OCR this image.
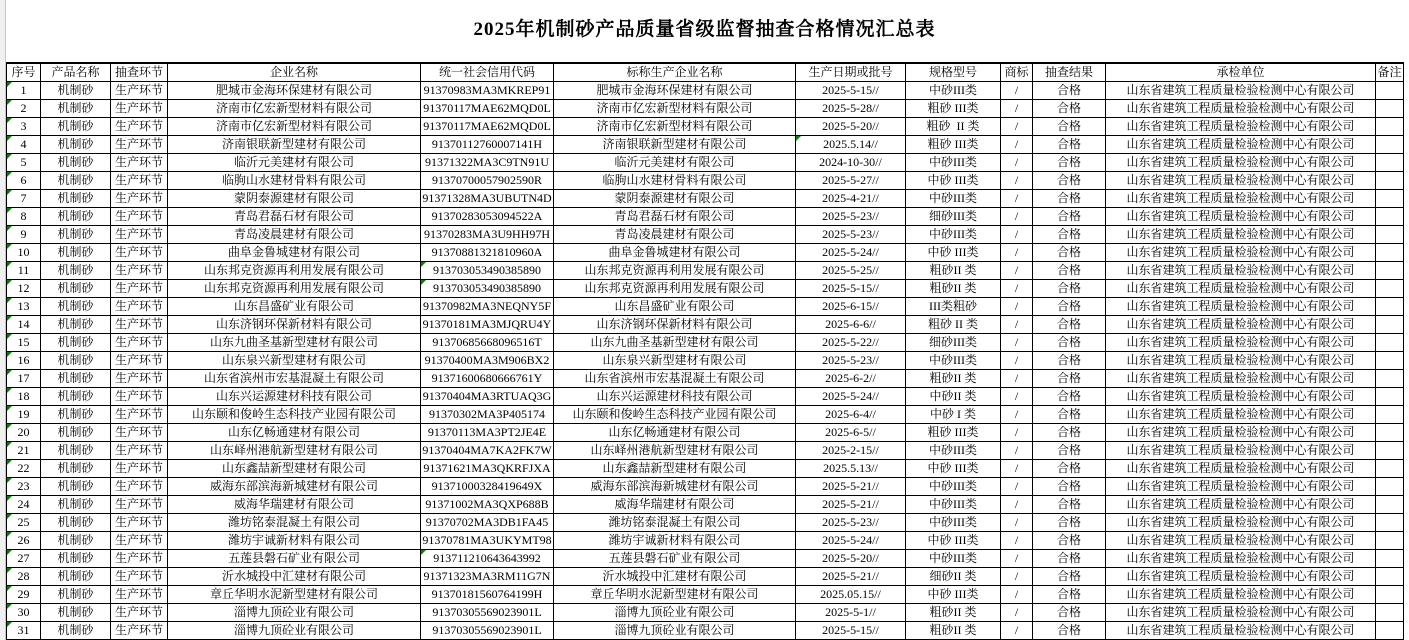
2025年机制砂产品质量省级监督抽查合格情况汇总表
序号	产品名称	抽查环节	企业名称	统一社会信用代码	标称生产企业名称	生产日期或批号	规格型号	商标	抽查结果	承检单位	备注

1	机制砂	生产环节	肥城市金海环保建材有限公司	91370983MA3MKREP91	肥城市金海环保建材有限公司	2025-5-15//	中砂III类	/	合格	山东省建筑工程质量检验检测中心有限公司	

2	机制砂	生产环节	济南市亿宏新型材料有限公司	91370117MAE62MQD0L	济南市亿宏新型材料有限公司	2025-5-28//	粗砂 III类	/	合格	山东省建筑工程质量检验检测中心有限公司	

3	机制砂	生产环节	济南市亿宏新型材料有限公司	91370117MAE62MQD0L	济南市亿宏新型材料有限公司	2025-5-20//	粗砂  II 类	/	合格	山东省建筑工程质量检验检测中心有限公司	

4	机制砂	生产环节	济南银联新型建材有限公司	91370112760007141H	济南银联新型建材有限公司	2025.5.14//	粗砂 III类	/	合格	山东省建筑工程质量检验检测中心有限公司	

5	机制砂	生产环节	临沂元美建材有限公司	91371322MA3C9TN91U	临沂元美建材有限公司	2024-10-30//	中砂III类	/	合格	山东省建筑工程质量检验检测中心有限公司	

6	机制砂	生产环节	临朐山水建材骨料有限公司	91370700057902590R	临朐山水建材骨料有限公司	2025-5-27//	中砂 III类	/	合格	山东省建筑工程质量检验检测中心有限公司	

7	机制砂	生产环节	蒙阴泰源建材有限公司	91371328MA3UBUTN4D	蒙阴泰源建材有限公司	2025-4-21//	中砂III类	/	合格	山东省建筑工程质量检验检测中心有限公司	

8	机制砂	生产环节	青岛君磊石材有限公司	91370283053094522A	青岛君磊石材有限公司	2025-5-23//	细砂III类	/	合格	山东省建筑工程质量检验检测中心有限公司	

9	机制砂	生产环节	青岛凌晨建材有限公司	91370283MA3U9HH97H	青岛凌晨建材有限公司	2025-5-23//	中砂III类	/	合格	山东省建筑工程质量检验检测中心有限公司	

10	机制砂	生产环节	曲阜金鲁城建材有限公司	91370881321810960A	曲阜金鲁城建材有限公司	2025-5-24//	中砂 III类	/	合格	山东省建筑工程质量检验检测中心有限公司	

11	机制砂	生产环节	山东邦克资源再利用发展有限公司	913703053490385890	山东邦克资源再利用发展有限公司	2025-5-25//	粗砂II 类	/	合格	山东省建筑工程质量检验检测中心有限公司	

12	机制砂	生产环节	山东邦克资源再利用发展有限公司	913703053490385890	山东邦克资源再利用发展有限公司	2025-5-15//	粗砂II 类	/	合格	山东省建筑工程质量检验检测中心有限公司	

13	机制砂	生产环节	山东昌盛矿业有限公司	91370982MA3NEQNY5F	山东昌盛矿业有限公司	2025-6-15//	III类粗砂	/	合格	山东省建筑工程质量检验检测中心有限公司	

14	机制砂	生产环节	山东济钢环保新材料有限公司	91370181MA3MJQRU4Y	山东济钢环保新材料有限公司	2025-6-6//	粗砂 II 类	/	合格	山东省建筑工程质量检验检测中心有限公司	

15	机制砂	生产环节	山东九曲圣基新型建材有限公司	91370685668096516T	山东九曲圣基新型建材有限公司	2025-5-22//	细砂III类	/	合格	山东省建筑工程质量检验检测中心有限公司	

16	机制砂	生产环节	山东泉兴新型建材有限公司	91370400MA3M906BX2	山东泉兴新型建材有限公司	2025-5-23//	中砂III类	/	合格	山东省建筑工程质量检验检测中心有限公司	

17	机制砂	生产环节	山东省滨州市宏基混凝土有限公司	91371600680666761Y	山东省滨州市宏基混凝土有限公司	2025-6-2//	粗砂II 类	/	合格	山东省建筑工程质量检验检测中心有限公司	

18	机制砂	生产环节	山东兴运源建材科技有限公司	91370404MA3RTUAQ3G	山东兴运源建材科技有限公司	2025-5-24//	中砂II 类	/	合格	山东省建筑工程质量检验检测中心有限公司	

19	机制砂	生产环节	山东颐和俊岭生态科技产业园有限公司	91370302MA3P405174	山东颐和俊岭生态科技产业园有限公司	2025-6-4//	中砂 I 类	/	合格	山东省建筑工程质量检验检测中心有限公司	

20	机制砂	生产环节	山东亿畅通建材有限公司	91370113MA3PT2JE4E	山东亿畅通建材有限公司	2025-6-5//	粗砂 III类	/	合格	山东省建筑工程质量检验检测中心有限公司	

21	机制砂	生产环节	山东峄州港航新型建材有限公司	91370404MA7KA2FK7W	山东峄州港航新型建材有限公司	2025-2-15//	中砂III类	/	合格	山东省建筑工程质量检验检测中心有限公司	

22	机制砂	生产环节	山东鑫喆新型建材有限公司	91371621MA3QKRFJXA	山东鑫喆新型建材有限公司	2025.5.13//	中砂 III类	/	合格	山东省建筑工程质量检验检测中心有限公司	

23	机制砂	生产环节	威海东部滨海新城建材有限公司	91371000328419649X	威海东部滨海新城建材有限公司	2025-5-21//	中砂III类	/	合格	山东省建筑工程质量检验检测中心有限公司	

24	机制砂	生产环节	威海华瑞建材有限公司	91371002MA3QXP688B	威海华瑞建材有限公司	2025-5-21//	中砂III类	/	合格	山东省建筑工程质量检验检测中心有限公司	

25	机制砂	生产环节	潍坊铭泰混凝土有限公司	91370702MA3DB1FA45	潍坊铭泰混凝土有限公司	2025-5-23//	中砂III类	/	合格	山东省建筑工程质量检验检测中心有限公司	

26	机制砂	生产环节	潍坊宇诚新材料有限公司	91370781MA3UKYMT98	潍坊宇诚新材料有限公司	2025-5-24//	中砂 III类	/	合格	山东省建筑工程质量检验检测中心有限公司	

27	机制砂	生产环节	五莲县磐石矿业有限公司	913711210643643992	五莲县磐石矿业有限公司	2025-5-20//	中砂III类	/	合格	山东省建筑工程质量检验检测中心有限公司	

28	机制砂	生产环节	沂水城投中汇建材有限公司	91371323MA3RM11G7N	沂水城投中汇建材有限公司	2025-5-21//	细砂II 类	/	合格	山东省建筑工程质量检验检测中心有限公司	

29	机制砂	生产环节	章丘华明水泥新型建材有限公司	91370181560764199H	章丘华明水泥新型建材有限公司	2025.05.15//	中砂 III类	/	合格	山东省建筑工程质量检验检测中心有限公司	

30	机制砂	生产环节	淄博九顶砼业有限公司	91370305569023901L	淄博九顶砼业有限公司	2025-5-1//	粗砂II 类	/	合格	山东省建筑工程质量检验检测中心有限公司	

31	机制砂	生产环节	淄博九顶砼业有限公司	91370305569023901L	淄博九顶砼业有限公司	2025-5-15//	粗砂II 类	/	合格	山东省建筑工程质量检验检测中心有限公司	
